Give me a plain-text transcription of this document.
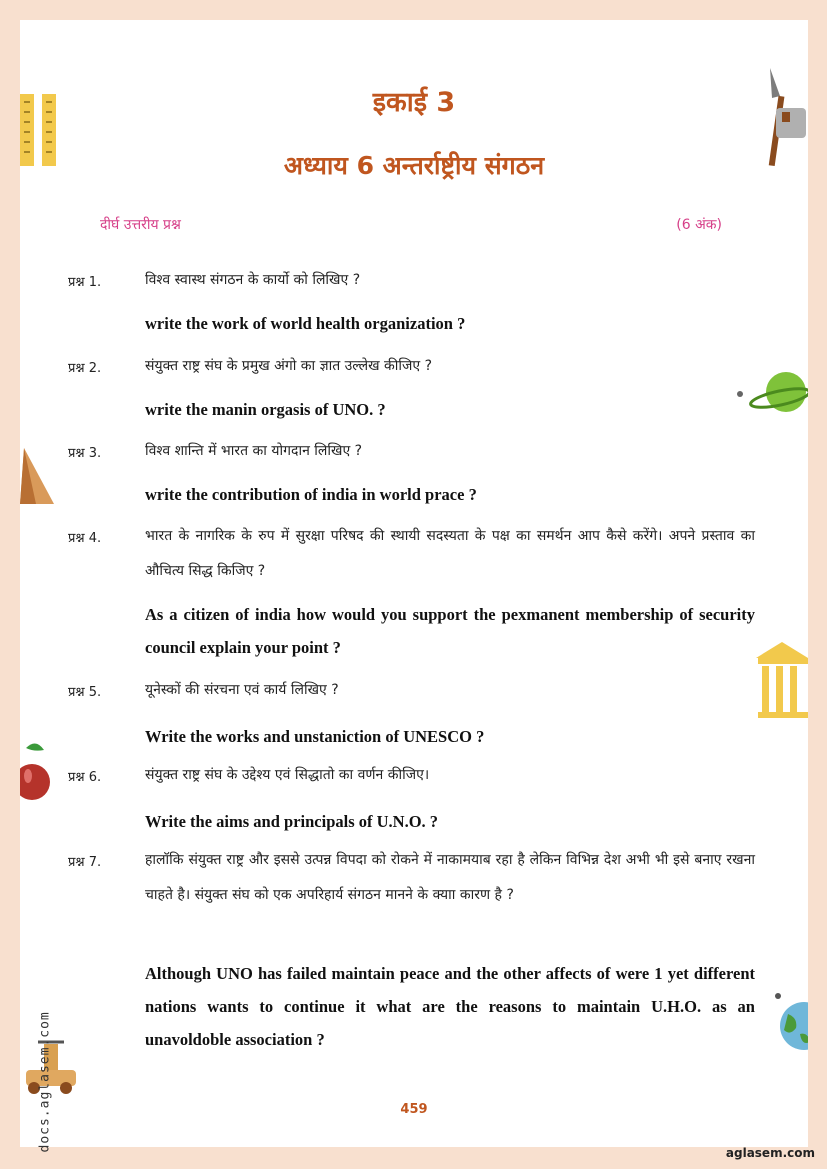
इकाई 3
अध्याय 6 अन्तर्राष्ट्रीय संगठन
दीर्घ उत्तरीय प्रश्न	(6 अंक)
प्रश्न 1.	विश्व स्वास्थ संगठन के कार्यो को लिखिए ?
write the work of world health organization ?
प्रश्न 2.	संयुक्त राष्ट्र संघ के प्रमुख अंगो का ज्ञात उल्लेख कीजिए ?
write the manin orgasis of UNO. ?
प्रश्न 3.	विश्व शान्ति में भारत का योगदान लिखिए ?
write the contribution of india in world prace ?
प्रश्न 4.	भारत के नागरिक के रुप में सुरक्षा परिषद की स्थायी सदस्यता के पक्ष का समर्थन आप कैसे करेंगे। अपने प्रस्ताव का औचित्य सिद्ध किजिए ?
As a citizen of india how would you support the pexmanent membership of security council explain your point ?
प्रश्न 5.	यूनेस्कों की संरचना एवं कार्य लिखिए ?
Write the works and unstaniction of UNESCO ?
प्रश्न 6.	संयुक्त राष्ट्र संघ के उद्देश्य एवं सिद्धातो का वर्णन कीजिए।
Write the aims and principals of U.N.O. ?
प्रश्न 7.	हालॉकि संयुक्त राष्ट्र और इससे उत्पन्न विपदा को रोकने में नाकामयाब रहा है लेकिन विभिन्न देश अभी भी इसे बनाए रखना चाहते है। संयुक्त संघ को एक अपरिहार्य संगठन मानने के क्याा कारण है ?
Although UNO has failed maintain peace and the other affects of were 1 yet different nations wants to continue it what are the reasons to maintain U.H.O. as an unavoldoble association ?
459
docs.aglasem.com
aglasem.com
